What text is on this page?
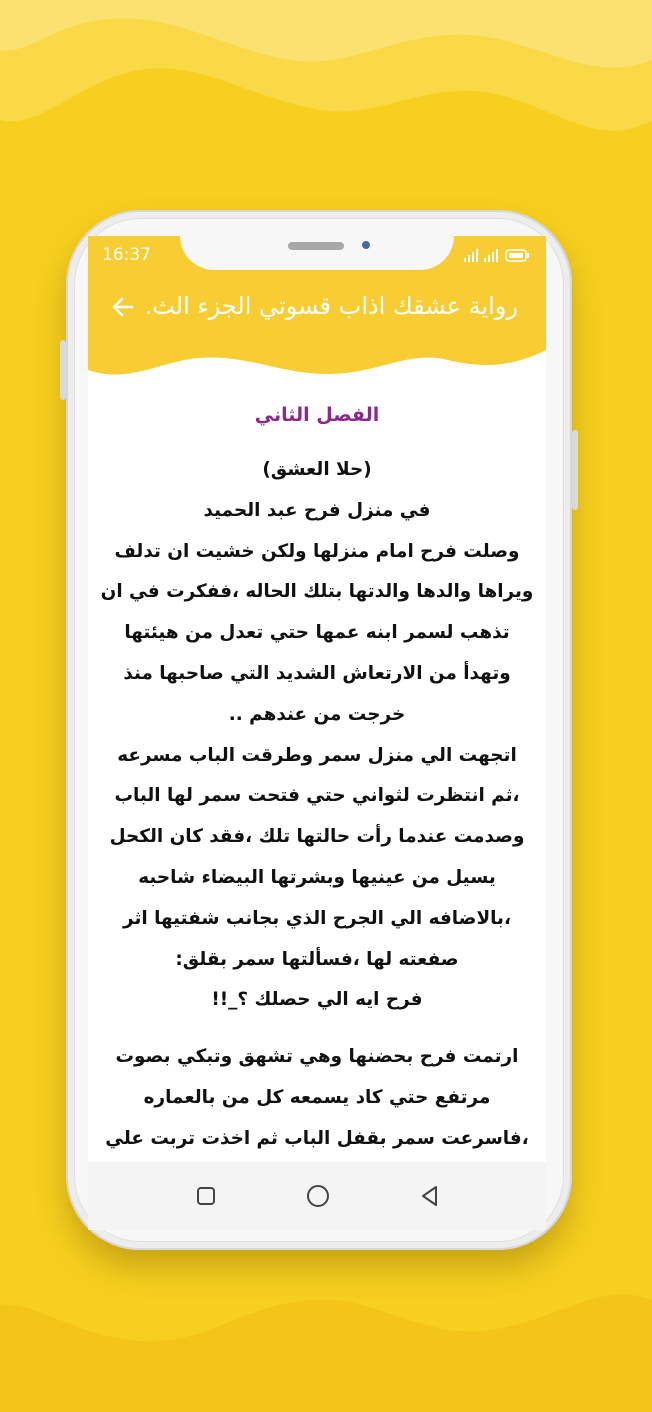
16:37
رواية عشقك اذاب قسوتي الجزء الث.

الفصل الثاني

(حلا العشق)
في منزل فرح عبد الحميد
وصلت فرح امام منزلها ولكن خشيت ان تدلف ويراها والدها والدتها بتلك الحاله ،ففكرت في ان تذهب لسمر ابنه عمها حتي تعدل من هيئتها وتهدأ من الارتعاش الشديد التي صاحبها منذ خرجت من عندهم ..
اتجهت الي منزل سمر وطرقت الباب مسرعه ،ثم انتظرت لثواني حتي فتحت سمر لها الباب وصدمت عندما رأت حالتها تلك ،فقد كان الكحل يسيل من عينيها وبشرتها البيضاء شاحبه ،بالاضافه الي الجرح الذي بجانب شفتيها اثر صفعته لها ،فسألتها سمر بقلق:
فرح ايه الي حصلك ؟_!!

ارتمت فرح بحضنها وهي تشهق وتبكي بصوت مرتفع حتي كاد يسمعه كل من بالعماره ،فاسرعت سمر بقفل الباب ثم اخذت تربت علي
